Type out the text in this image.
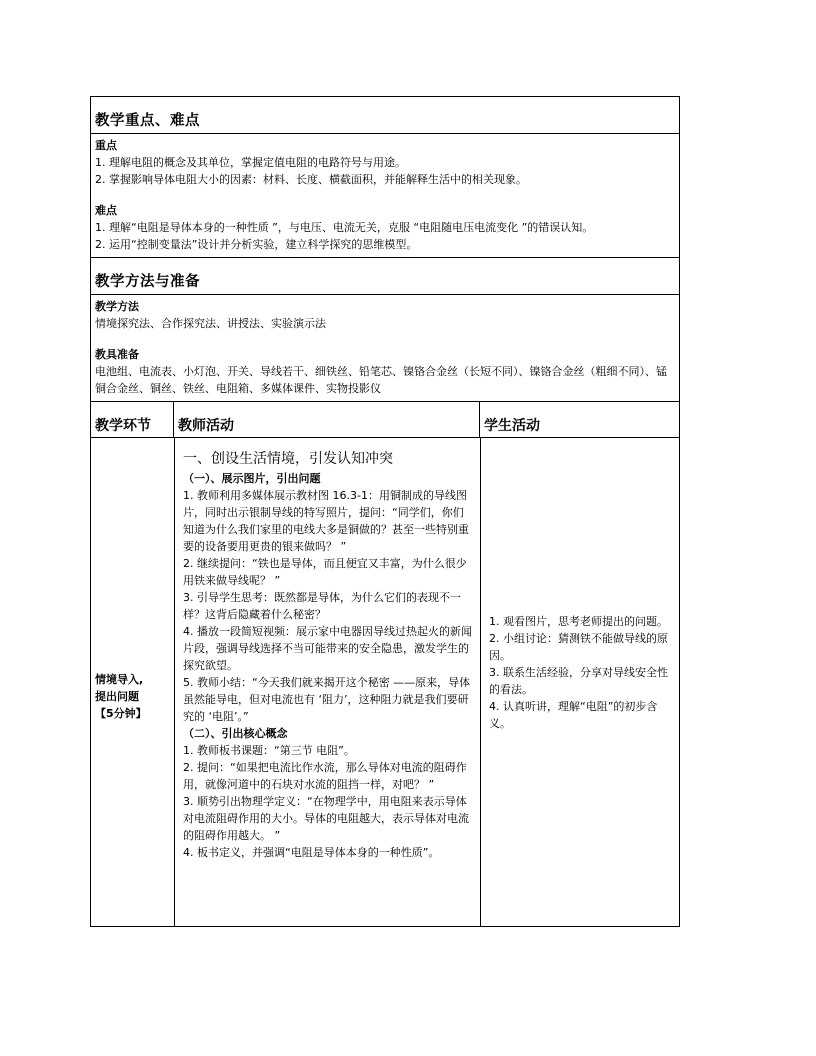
教学重点、难点

重点

1. 理解电阻的概念及其单位，掌握定值电阻的电路符号与用途。

2. 掌握影响导体电阻大小的因素：材料、长度、横截面积，并能解释生活中的相关现象。

难点

1. 理解“电阻是导体本身的一种性质 ”，与电压、电流无关，克服 “电阻随电压电流变化 ”的错误认知。

2. 运用“控制变量法”设计并分析实验，建立科学探究的思维模型。

教学方法与准备

教学方法

情境探究法、合作探究法、讲授法、实验演示法

教具准备

电池组、电流表、小灯泡、开关、导线若干、细铁丝、铅笔芯、镍铬合金丝（长短不同）、镍铬合金丝（粗细不同）、锰铜合金丝、铜丝、铁丝、电阻箱、多媒体课件、实物投影仪

教学环节	教师活动	学生活动

情境导入,

提出问题

【5分钟】

一、创设生活情境，引发认知冲突

（一）、展示图片，引出问题

1. 教师利用多媒体展示教材图 16.3-1：用铜制成的导线图片，同时出示银制导线的特写照片，提问：“同学们，你们知道为什么我们家里的电线大多是铜做的？甚至一些特别重要的设备要用更贵的银来做吗？ ”

2. 继续提问：“铁也是导体，而且便宜又丰富，为什么很少用铁来做导线呢？ ”

3. 引导学生思考：既然都是导体，为什么它们的表现不一样？这背后隐藏着什么秘密？

4. 播放一段简短视频：展示家中电器因导线过热起火的新闻片段，强调导线选择不当可能带来的安全隐患，激发学生的探究欲望。

5. 教师小结：“今天我们就来揭开这个秘密 ——原来，导体虽然能导电，但对电流也有 ‘阻力’，这种阻力就是我们要研究的 ‘电阻’。”

（二）、引出核心概念

1. 教师板书课题：“第三节 电阻”。

2. 提问：“如果把电流比作水流，那么导体对电流的阻碍作用，就像河道中的石块对水流的阻挡一样，对吧？ ”

3. 顺势引出物理学定义：“在物理学中，用电阻来表示导体对电流阻碍作用的大小。导体的电阻越大，表示导体对电流的阻碍作用越大。 ”

4. 板书定义，并强调“电阻是导体本身的一种性质”。

1. 观看图片，思考老师提出的问题。

2. 小组讨论：猜测铁不能做导线的原因。

3. 联系生活经验，分享对导线安全性的看法。

4. 认真听讲，理解“电阻”的初步含义。
